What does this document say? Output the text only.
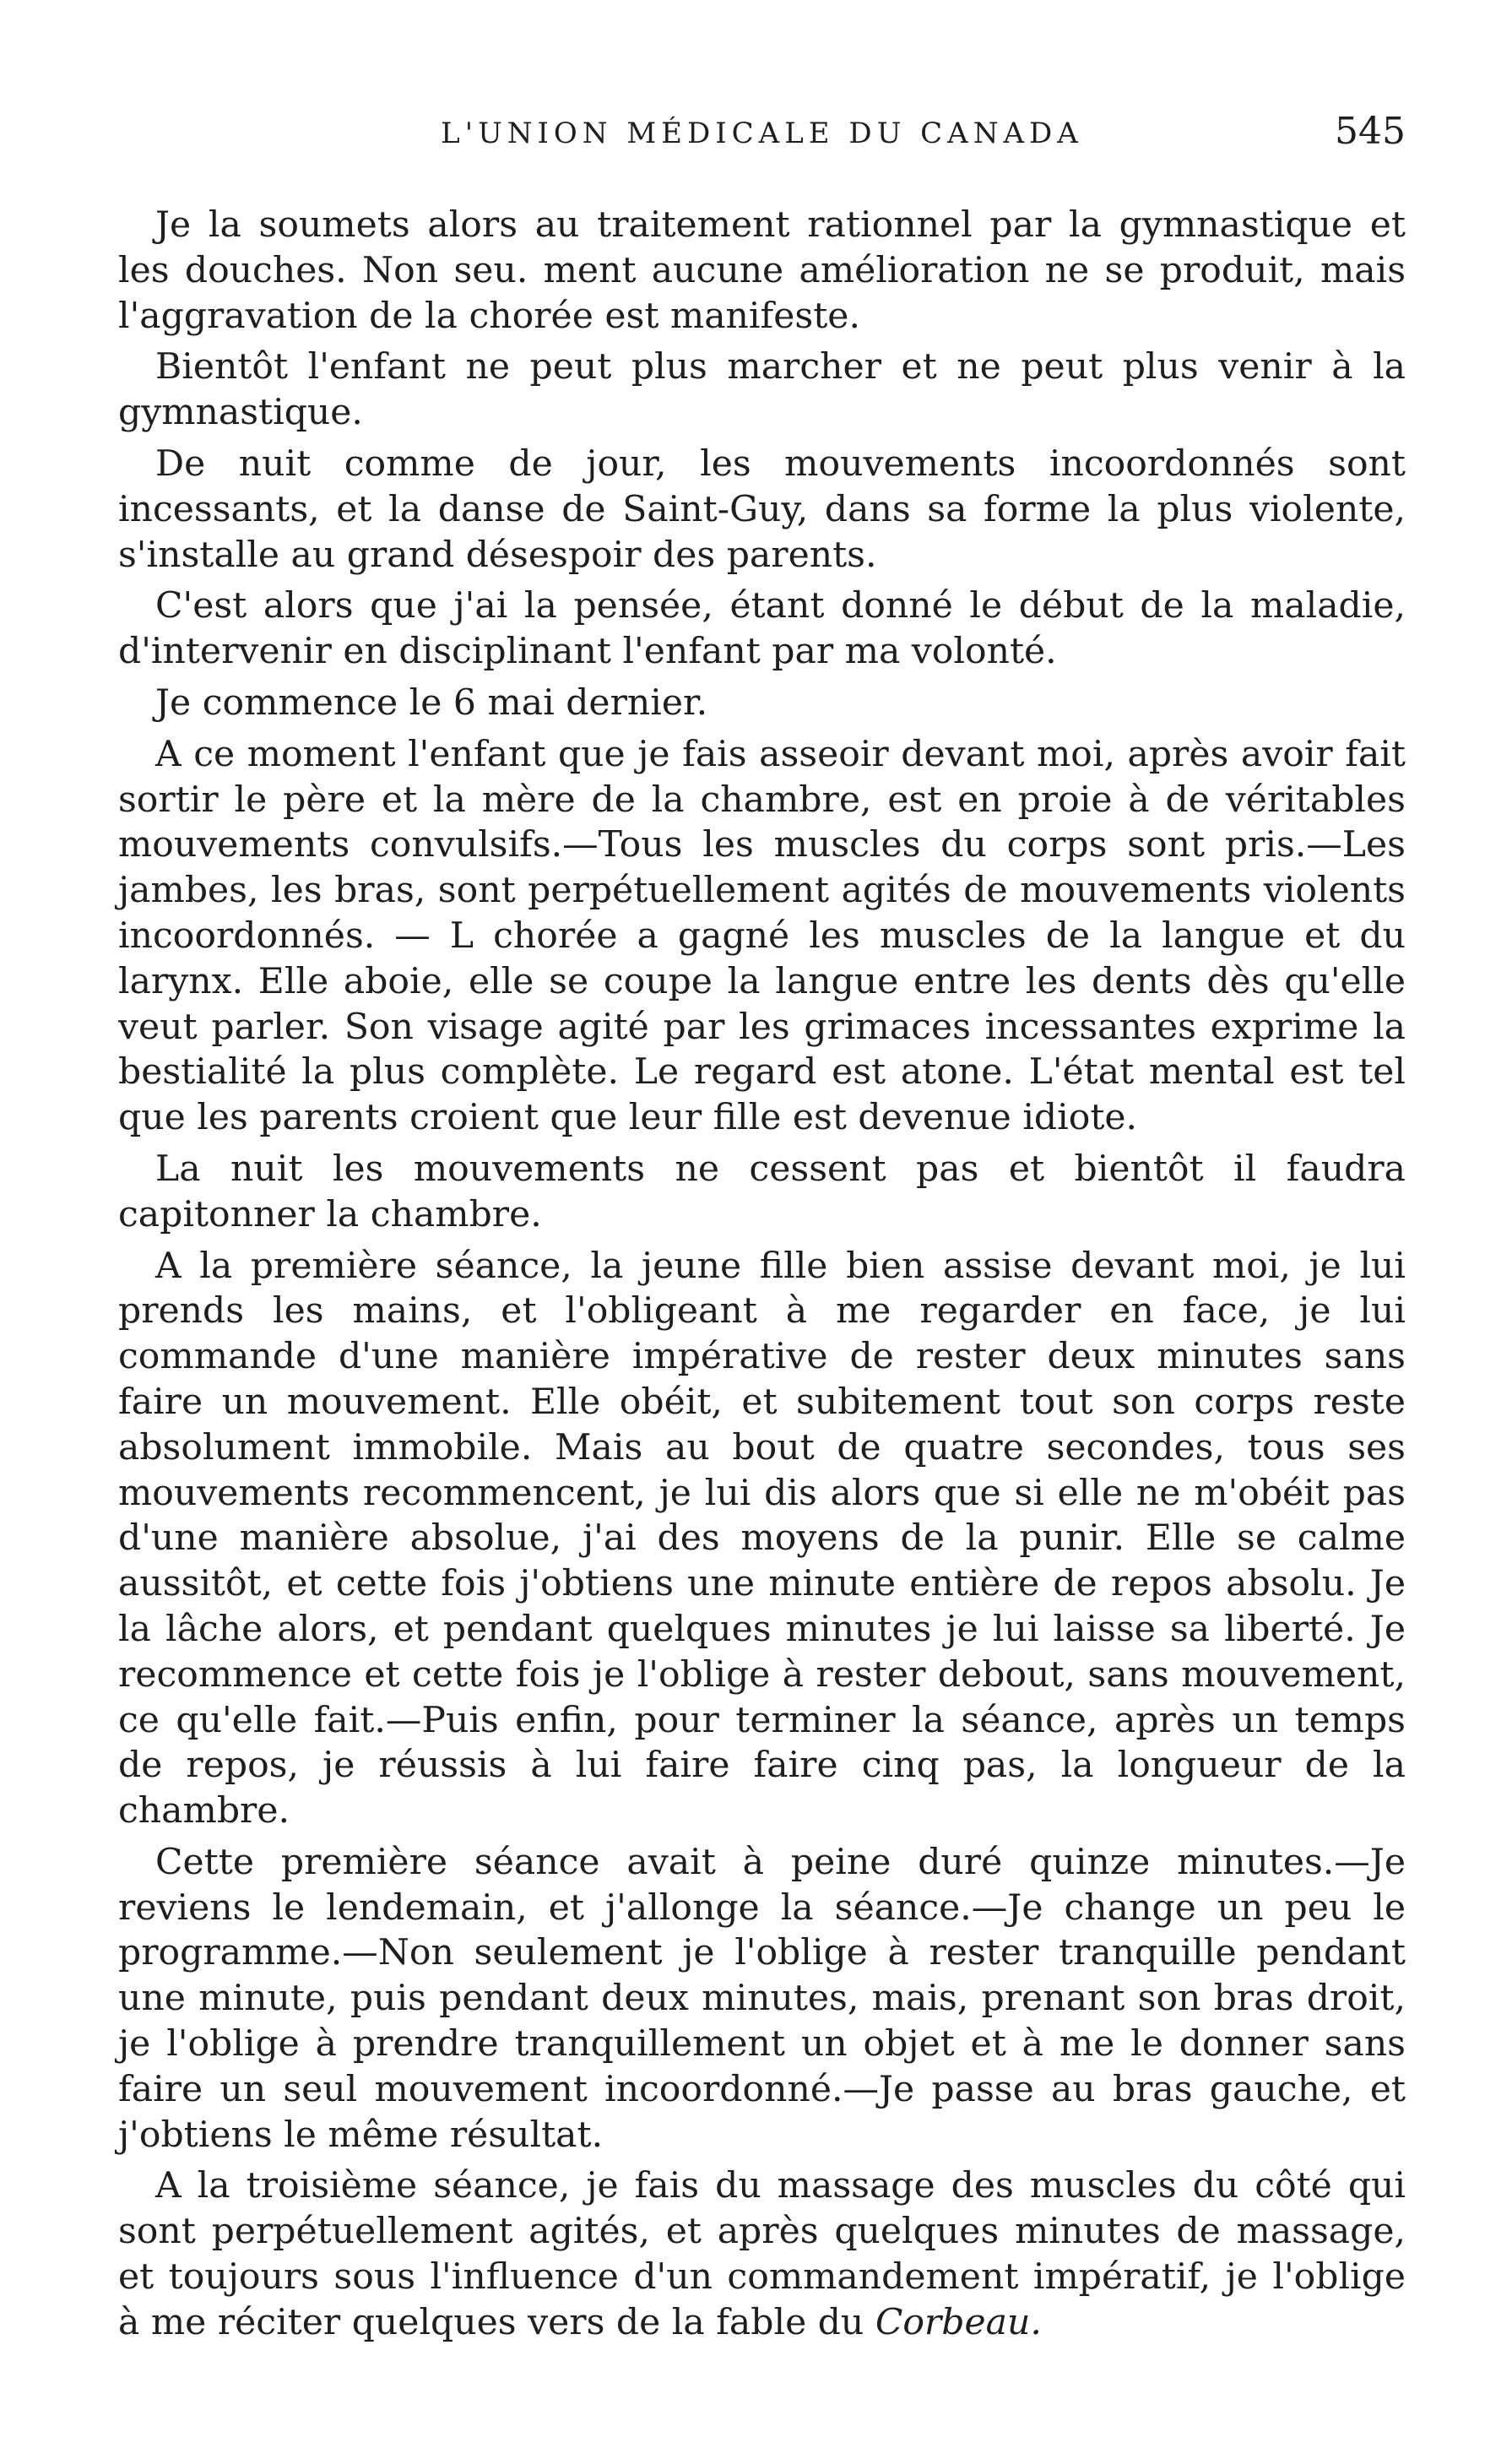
L'UNION MÉDICALE DU CANADA	545

Je la soumets alors au traitement rationnel par la gymnastique et les douches. Non seu. ment aucune amélioration ne se produit, mais l'aggravation de la chorée est manifeste.

Bientôt l'enfant ne peut plus marcher et ne peut plus venir à la gymnastique.

De nuit comme de jour, les mouvements incoordonnés sont incessants, et la danse de Saint-Guy, dans sa forme la plus violente, s'installe au grand désespoir des parents.

C'est alors que j'ai la pensée, étant donné le début de la maladie, d'intervenir en disciplinant l'enfant par ma volonté.

Je commence le 6 mai dernier.

A ce moment l'enfant que je fais asseoir devant moi, après avoir fait sortir le père et la mère de la chambre, est en proie à de véritables mouvements convulsifs.—Tous les muscles du corps sont pris.—Les jambes, les bras, sont perpétuellement agités de mouvements violents incoordonnés. — L chorée a gagné les muscles de la langue et du larynx. Elle aboie, elle se coupe la langue entre les dents dès qu'elle veut parler. Son visage agité par les grimaces incessantes exprime la bestialité la plus complète. Le regard est atone. L'état mental est tel que les parents croient que leur fille est devenue idiote.

La nuit les mouvements ne cessent pas et bientôt il faudra capitonner la chambre.

A la première séance, la jeune fille bien assise devant moi, je lui prends les mains, et l'obligeant à me regarder en face, je lui commande d'une manière impérative de rester deux minutes sans faire un mouvement. Elle obéit, et subitement tout son corps reste absolument immobile. Mais au bout de quatre secondes, tous ses mouvements recommencent, je lui dis alors que si elle ne m'obéit pas d'une manière absolue, j'ai des moyens de la punir. Elle se calme aussitôt, et cette fois j'obtiens une minute entière de repos absolu. Je la lâche alors, et pendant quelques minutes je lui laisse sa liberté. Je recommence et cette fois je l'oblige à rester debout, sans mouvement, ce qu'elle fait.—Puis enfin, pour terminer la séance, après un temps de repos, je réussis à lui faire faire cinq pas, la longueur de la chambre.

Cette première séance avait à peine duré quinze minutes.—Je reviens le lendemain, et j'allonge la séance.—Je change un peu le programme.—Non seulement je l'oblige à rester tranquille pendant une minute, puis pendant deux minutes, mais, prenant son bras droit, je l'oblige à prendre tranquillement un objet et à me le donner sans faire un seul mouvement incoordonné.—Je passe au bras gauche, et j'obtiens le même résultat.

A la troisième séance, je fais du massage des muscles du côté qui sont perpétuellement agités, et après quelques minutes de massage, et toujours sous l'influence d'un commandement impératif, je l'oblige à me réciter quelques vers de la fable du Corbeau.
